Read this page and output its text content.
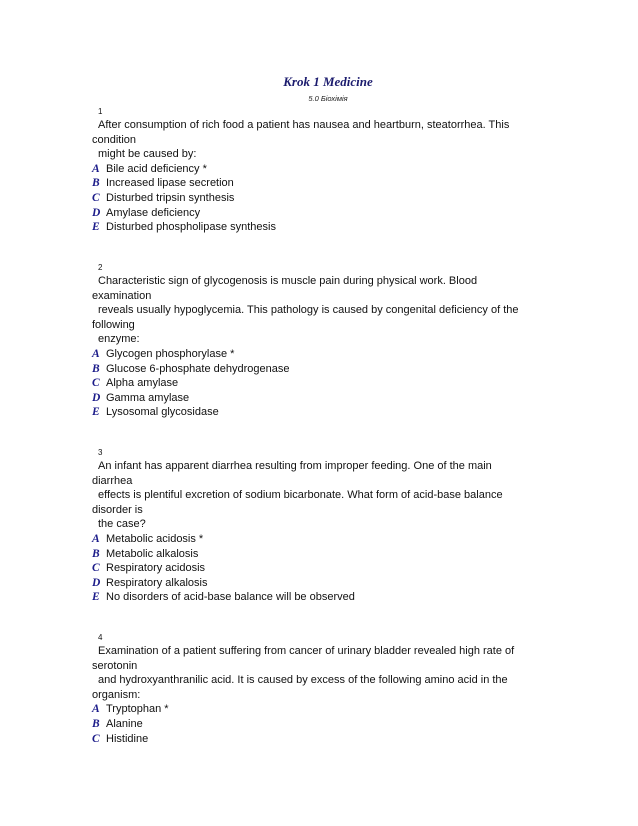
Krok 1 Medicine
5.0 Біохімія
1
After consumption of rich food a patient has nausea and heartburn, steatorrhea. This
condition
might be caused by:
A Bile acid deficiency *
B Increased lipase secretion
C Disturbed tripsin synthesis
D Amylase deficiency
E Disturbed phospholipase synthesis
2
Characteristic sign of glycogenosis is muscle pain during physical work. Blood
examination
reveals usually hypoglycemia. This pathology is caused by congenital deficiency of the
following
enzyme:
A Glycogen phosphorylase *
B Glucose 6-phosphate dehydrogenase
C Alpha amylase
D Gamma amylase
E Lysosomal glycosidase
3
An infant has apparent diarrhea resulting from improper feeding. One of the main
diarrhea
effects is plentiful excretion of sodium bicarbonate. What form of acid-base balance
disorder is
the case?
A Metabolic acidosis *
B Metabolic alkalosis
C Respiratory acidosis
D Respiratory alkalosis
E No disorders of acid-base balance will be observed
4
Examination of a patient suffering from cancer of urinary bladder revealed high rate of
serotonin
and hydroxyanthranilic acid. It is caused by excess of the following amino acid in the
organism:
A Tryptophan *
B Alanine
C Histidine
